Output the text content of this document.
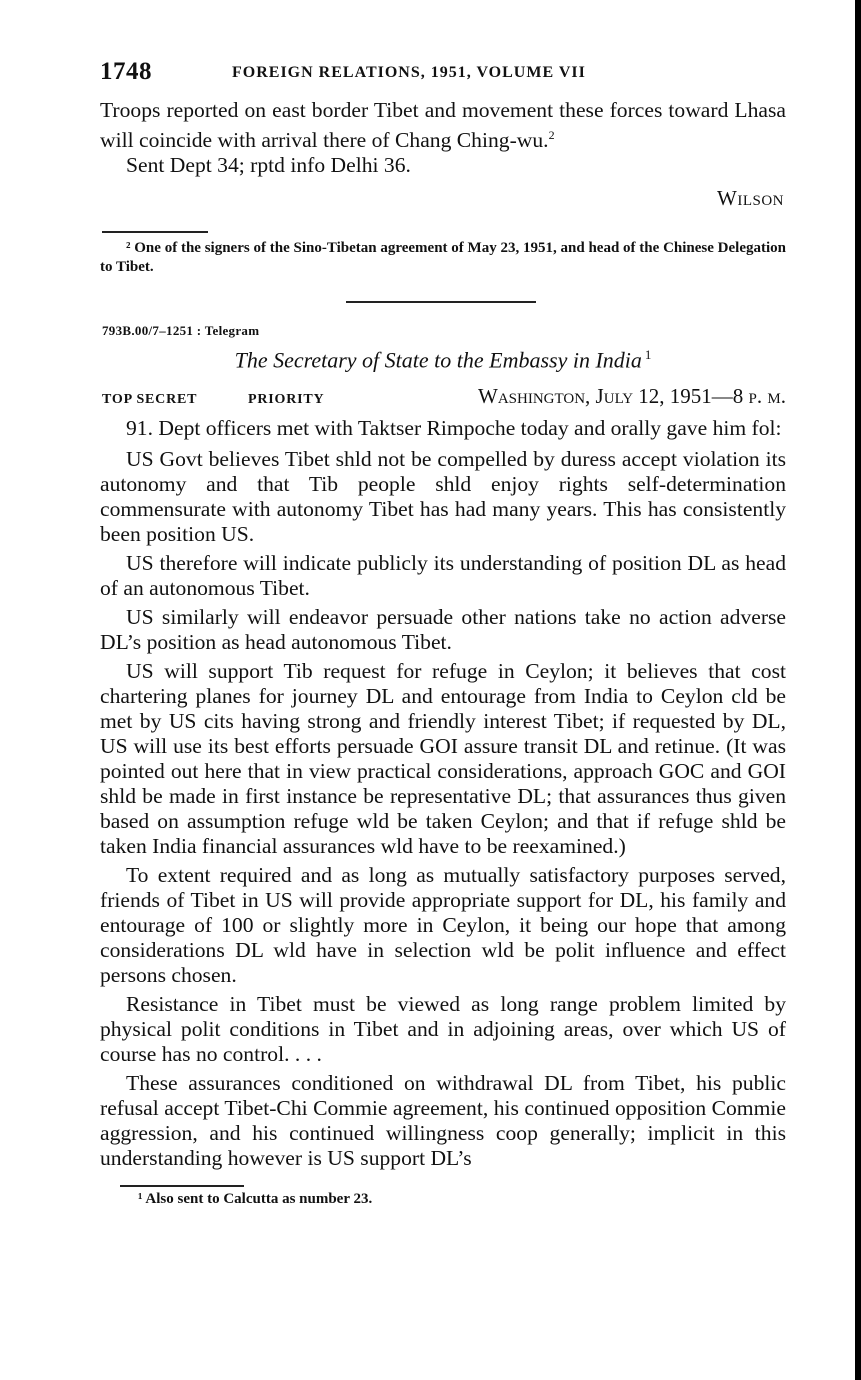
1748	FOREIGN RELATIONS, 1951, VOLUME VII

Troops reported on east border Tibet and movement these forces toward Lhasa will coincide with arrival there of Chang Ching-wu.$^2$

Sent Dept 34; rptd info Delhi 36.

Wilson

² One of the signers of the Sino-Tibetan agreement of May 23, 1951, and head of the Chinese Delegation to Tibet.

793B.00/7–1251 : Telegram
The Secretary of State to the Embassy in India $^1$
TOP SECRET	PRIORITY	Washington, July 12, 1951—8 p. m.

91. Dept officers met with Taktser Rimpoche today and orally gave him fol:

US Govt believes Tibet shld not be compelled by duress accept violation its autonomy and that Tib people shld enjoy rights self-determination commensurate with autonomy Tibet has had many years. This has consistently been position US.

US therefore will indicate publicly its understanding of position DL as head of an autonomous Tibet.

US similarly will endeavor persuade other nations take no action adverse DL’s position as head autonomous Tibet.

US will support Tib request for refuge in Ceylon; it believes that cost chartering planes for journey DL and entourage from India to Ceylon cld be met by US cits having strong and friendly interest Tibet; if requested by DL, US will use its best efforts persuade GOI assure transit DL and retinue. (It was pointed out here that in view practical considerations, approach GOC and GOI shld be made in first instance be representative DL; that assurances thus given based on assumption refuge wld be taken Ceylon; and that if refuge shld be taken India financial assurances wld have to be reexamined.)

To extent required and as long as mutually satisfactory purposes served, friends of Tibet in US will provide appropriate support for DL, his family and entourage of 100 or slightly more in Ceylon, it being our hope that among considerations DL wld have in selection wld be polit influence and effect persons chosen.

Resistance in Tibet must be viewed as long range problem limited by physical polit conditions in Tibet and in adjoining areas, over which US of course has no control. . . .

These assurances conditioned on withdrawal DL from Tibet, his public refusal accept Tibet-Chi Commie agreement, his continued opposition Commie aggression, and his continued willingness coop generally; implicit in this understanding however is US support DL’s

¹ Also sent to Calcutta as number 23.
